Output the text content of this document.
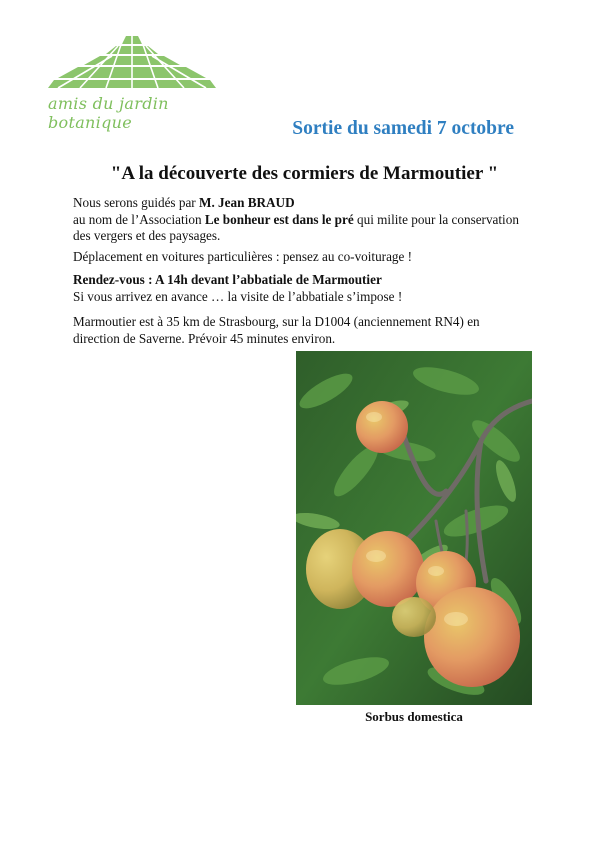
amis du jardin botanique	Sortie du samedi 7 octobre
"A la découverte des cormiers de Marmoutier "
Nous serons guidés par M. Jean BRAUD
au nom de l’Association Le bonheur est dans le pré qui milite pour la conservation des vergers et des paysages.
Déplacement en voitures particulières : pensez au co-voiturage !
Rendez-vous : A 14h devant l’abbatiale de Marmoutier
Si vous arrivez en avance … la visite de l’abbatiale s’impose !
Marmoutier est à 35 km de Strasbourg, sur la D1004 (anciennement RN4) en direction de Saverne. Prévoir 45 minutes environ.
Sorbus domestica
